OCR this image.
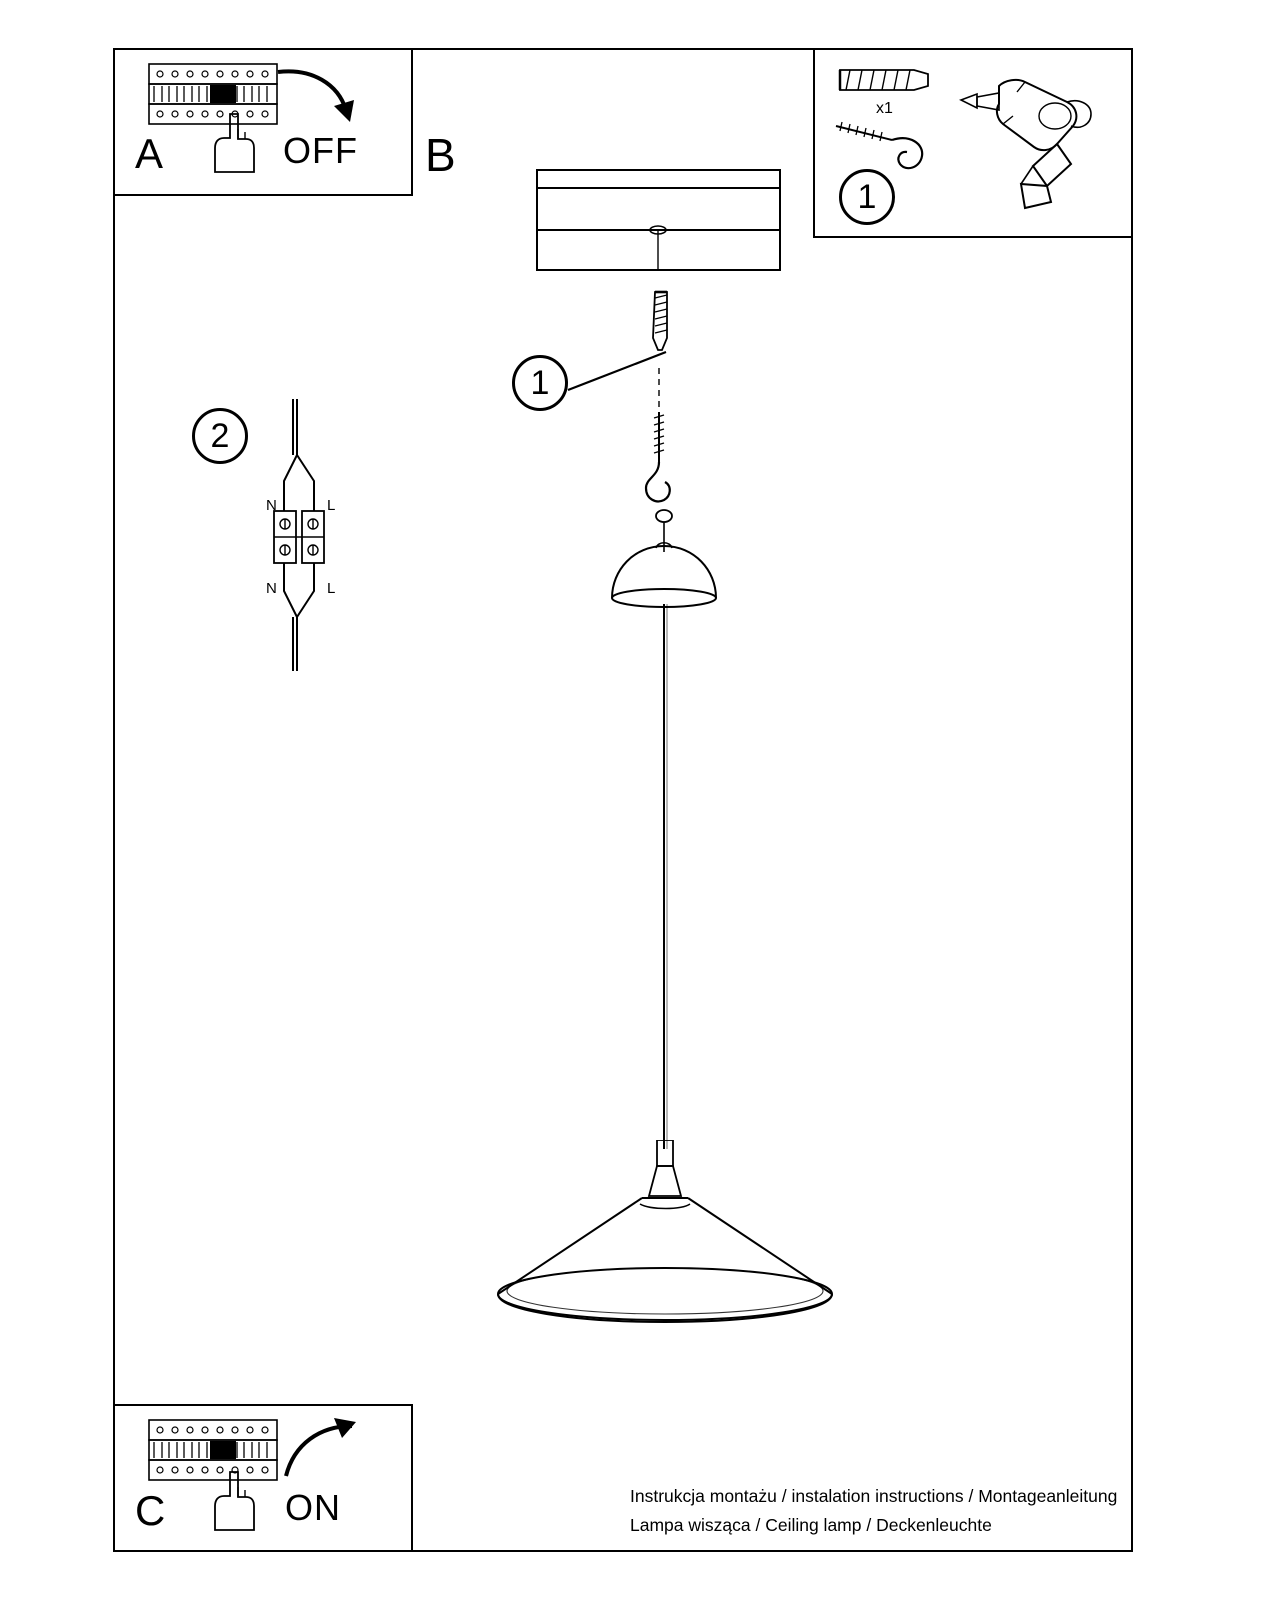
A	OFF B
x1
1
1
2
N	L
N	L
C	ON	Instrukcja montażu / instalation instructions / Montageanleitung
Lampa wisząca / Ceiling lamp / Deckenleuchte
